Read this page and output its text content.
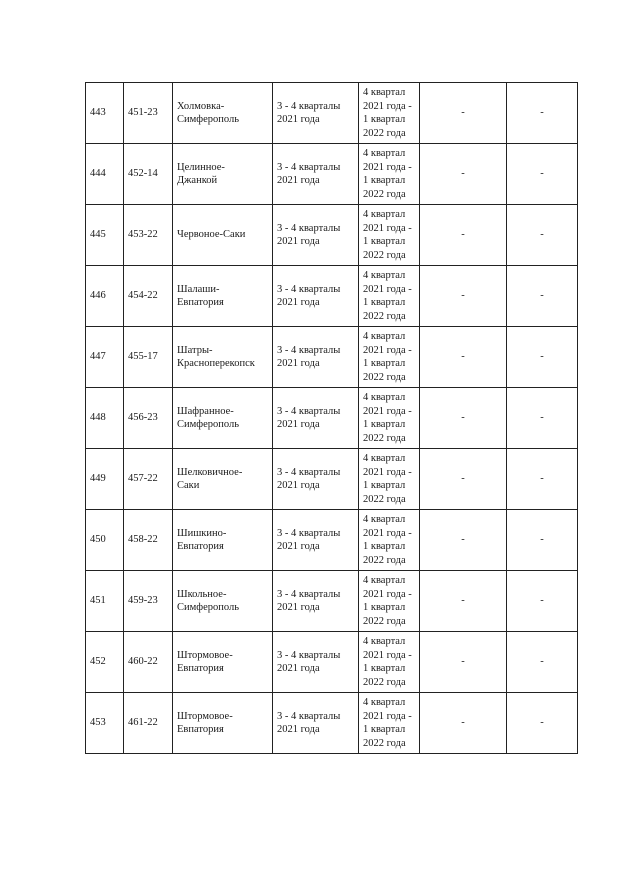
443	451-23	Холмовка-
Симферополь	3 - 4 кварталы
2021 года	4 квартал
2021 года -
1 квартал
2022 года	-	-
444	452-14	Целинное-
Джанкой	3 - 4 кварталы
2021 года	4 квартал
2021 года -
1 квартал
2022 года	-	-
445	453-22	Червоное-Саки	3 - 4 кварталы
2021 года	4 квартал
2021 года -
1 квартал
2022 года	-	-
446	454-22	Шалаши-
Евпатория	3 - 4 кварталы
2021 года	4 квартал
2021 года -
1 квартал
2022 года	-	-
447	455-17	Шатры-
Красноперекопск	3 - 4 кварталы
2021 года	4 квартал
2021 года -
1 квартал
2022 года	-	-
448	456-23	Шафранное-
Симферополь	3 - 4 кварталы
2021 года	4 квартал
2021 года -
1 квартал
2022 года	-	-
449	457-22	Шелковичное-
Саки	3 - 4 кварталы
2021 года	4 квартал
2021 года -
1 квартал
2022 года	-	-
450	458-22	Шишкино-
Евпатория	3 - 4 кварталы
2021 года	4 квартал
2021 года -
1 квартал
2022 года	-	-
451	459-23	Школьное-
Симферополь	3 - 4 кварталы
2021 года	4 квартал
2021 года -
1 квартал
2022 года	-	-
452	460-22	Штормовое-
Евпатория	3 - 4 кварталы
2021 года	4 квартал
2021 года -
1 квартал
2022 года	-	-
453	461-22	Штормовое-
Евпатория	3 - 4 кварталы
2021 года	4 квартал
2021 года -
1 квартал
2022 года	-	-
